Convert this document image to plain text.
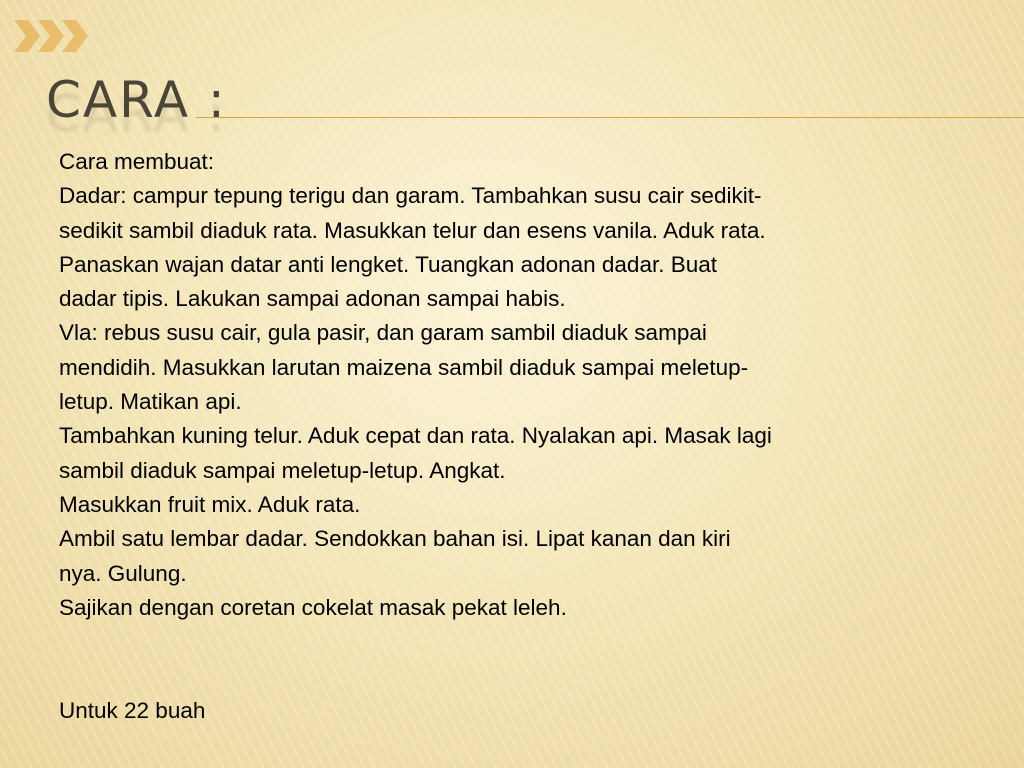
CARA :
Cara membuat:
Dadar: campur tepung terigu dan garam. Tambahkan susu cair sedikit-
sedikit sambil diaduk rata. Masukkan telur dan esens vanila. Aduk rata.
Panaskan wajan datar anti lengket. Tuangkan adonan dadar. Buat
dadar tipis. Lakukan sampai adonan sampai habis.
Vla: rebus susu cair, gula pasir, dan garam sambil diaduk sampai
mendidih. Masukkan larutan maizena sambil diaduk sampai meletup-
letup. Matikan api.
Tambahkan kuning telur. Aduk cepat dan rata. Nyalakan api. Masak lagi
sambil diaduk sampai meletup-letup. Angkat.
Masukkan fruit mix. Aduk rata.
Ambil satu lembar dadar. Sendokkan bahan isi. Lipat kanan dan kiri
nya. Gulung.
Sajikan dengan coretan cokelat masak pekat leleh.
Untuk 22 buah
